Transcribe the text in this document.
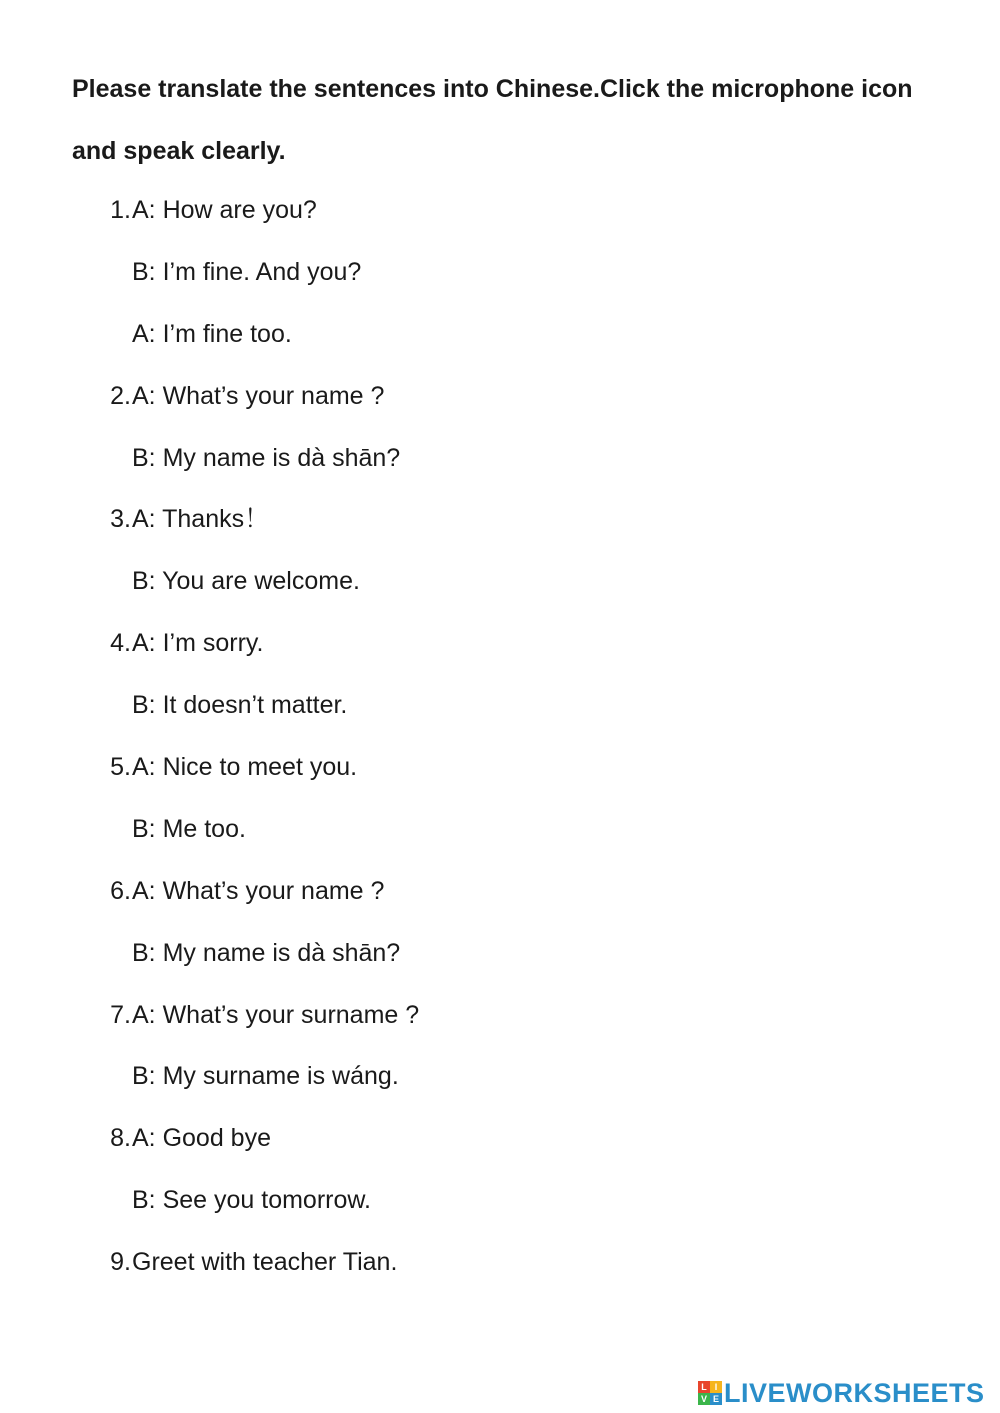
Please translate the sentences into Chinese.Click the microphone icon and speak clearly.

1. A: How are you?
B: I’m fine. And you?
A: I’m fine too.
2. A: What’s your name ?
B: My name is dà shān?
3. A: Thanks！
B: You are welcome.
4. A: I’m sorry.
B: It doesn’t matter.
5. A: Nice to meet you.
B: Me too.
6. A: What’s your name ?
B: My name is dà shān?
7. A: What’s your surname ?
B: My surname is wáng.
8. A: Good bye
B: See you tomorrow.
9. Greet with teacher Tian.
L I
V E LIVEWORKSHEETS
